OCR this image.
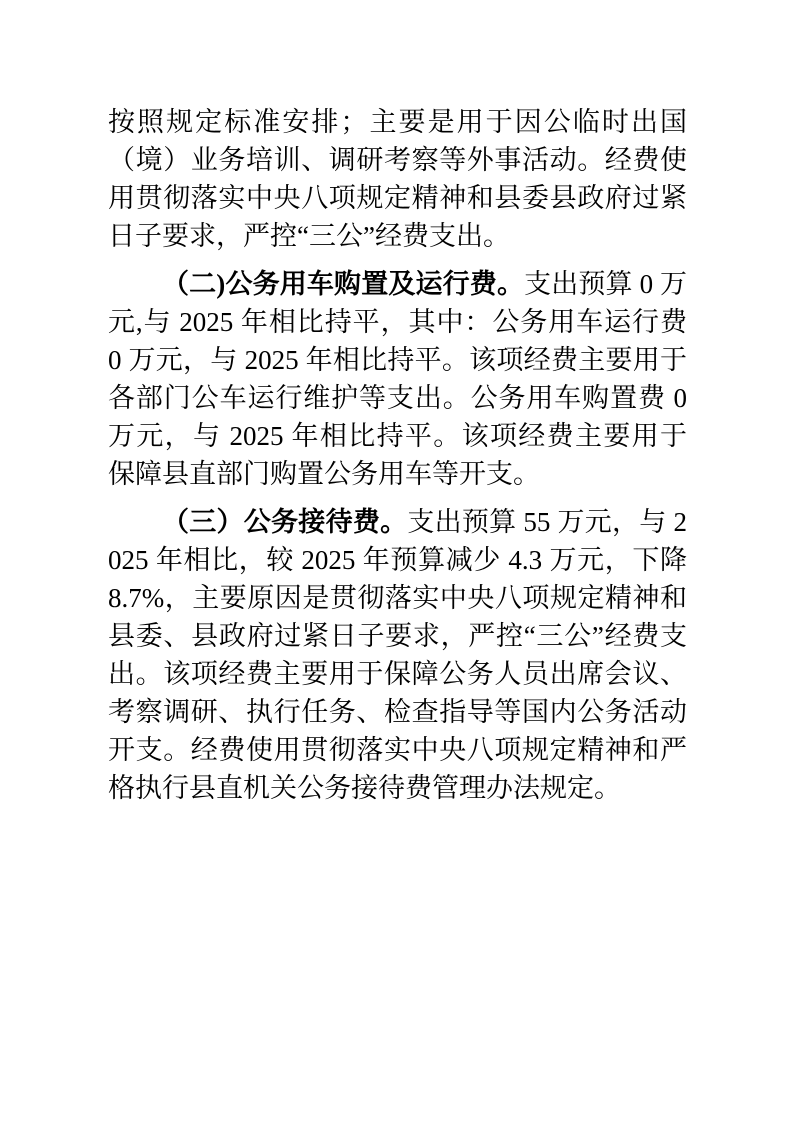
按照规定标准安排；主要是用于因公临时出国（境）业务培训、调研考察等外事活动。经费使用贯彻落实中央八项规定精神和县委县政府过紧日子要求，严控“三公”经费支出。

（二)公务用车购置及运行费。支出预算 0 万元,与 2025 年相比持平，其中：公务用车运行费 0 万元，与 2025 年相比持平。该项经费主要用于各部门公车运行维护等支出。公务用车购置费 0 万元，与 2025 年相比持平。该项经费主要用于保障县直部门购置公务用车等开支。

（三）公务接待费。支出预算 55 万元，与 2025 年相比，较 2025 年预算减少 4.3 万元，下降 8.7%，主要原因是贯彻落实中央八项规定精神和县委、县政府过紧日子要求，严控“三公”经费支出。该项经费主要用于保障公务人员出席会议、考察调研、执行任务、检查指导等国内公务活动开支。经费使用贯彻落实中央八项规定精神和严格执行县直机关公务接待费管理办法规定。
